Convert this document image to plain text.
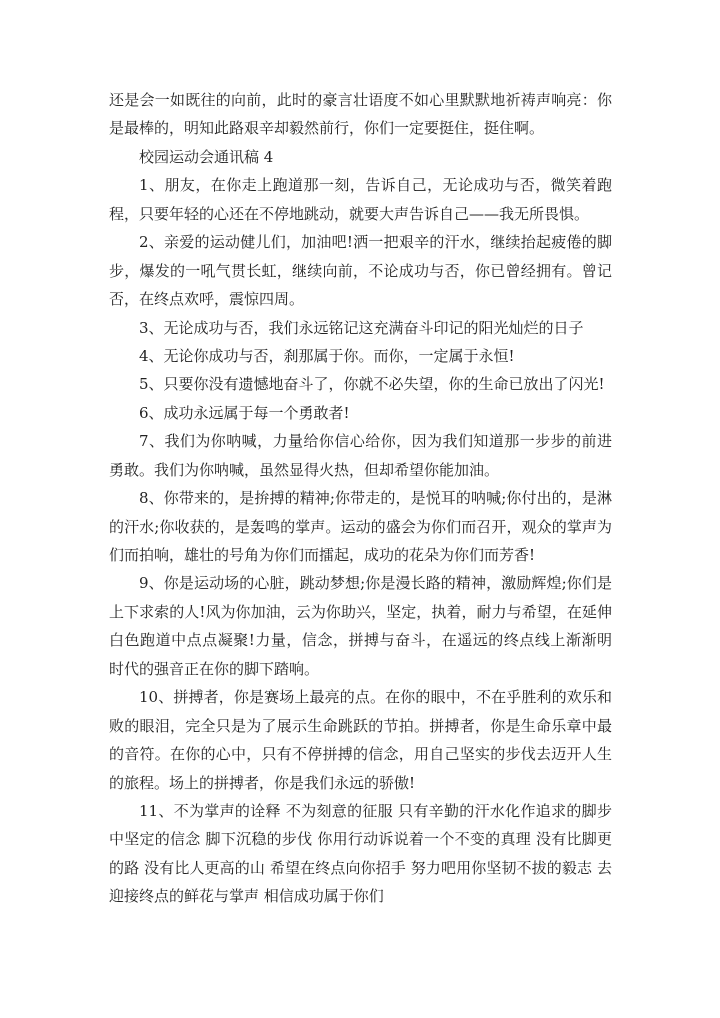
还是会一如既往的向前，此时的豪言壮语度不如心里默默地祈祷声响亮：你
是最棒的，明知此路艰辛却毅然前行，你们一定要挺住，挺住啊。
校园运动会通讯稿 4
1、朋友，在你走上跑道那一刻，告诉自己，无论成功与否，微笑着跑
程，只要年轻的心还在不停地跳动，就要大声告诉自己——我无所畏惧。
2、亲爱的运动健儿们，加油吧!洒一把艰辛的汗水，继续抬起疲倦的脚
步，爆发的一吼气贯长虹，继续向前，不论成功与否，你已曾经拥有。曾记
否，在终点欢呼，震惊四周。
3、无论成功与否，我们永远铭记这充满奋斗印记的阳光灿烂的日子
4、无论你成功与否，刹那属于你。而你，一定属于永恒!
5、只要你没有遗憾地奋斗了，你就不必失望，你的生命已放出了闪光!
6、成功永远属于每一个勇敢者!
7、我们为你呐喊，力量给你信心给你，因为我们知道那一步步的前进
勇敢。我们为你呐喊，虽然显得火热，但却希望你能加油。
8、你带来的，是拚搏的精神;你带走的，是悦耳的呐喊;你付出的，是淋
的汗水;你收获的，是轰鸣的掌声。运动的盛会为你们而召开，观众的掌声为
们而拍响，雄壮的号角为你们而擂起，成功的花朵为你们而芳香!
9、你是运动场的心脏，跳动梦想;你是漫长路的精神，激励辉煌;你们是
上下求索的人!风为你加油，云为你助兴，坚定，执着，耐力与希望，在延伸
白色跑道中点点凝聚!力量，信念，拼搏与奋斗，在遥远的终点线上渐渐明
时代的强音正在你的脚下踏响。
10、拼搏者，你是赛场上最亮的点。在你的眼中，不在乎胜利的欢乐和
败的眼泪，完全只是为了展示生命跳跃的节拍。拼搏者，你是生命乐章中最
的音符。在你的心中，只有不停拼搏的信念，用自己坚实的步伐去迈开人生
的旅程。场上的拼搏者，你是我们永远的骄傲!
11、不为掌声的诠释 不为刻意的征服 只有辛勤的汗水化作追求的脚步
中坚定的信念 脚下沉稳的步伐 你用行动诉说着一个不变的真理 没有比脚更
的路 没有比人更高的山 希望在终点向你招手 努力吧用你坚韧不拔的毅志 去
迎接终点的鲜花与掌声 相信成功属于你们
